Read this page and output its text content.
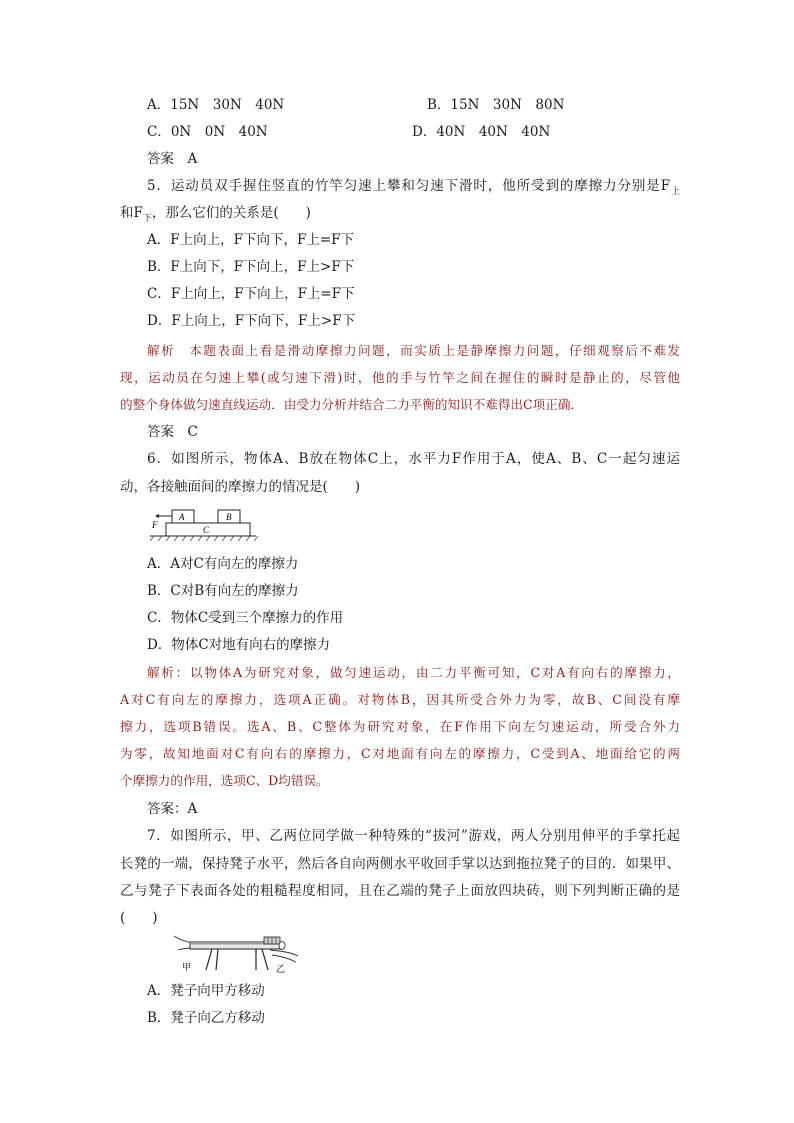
A．15N　30N　40N	B．15N　30N　80N
C．0N　0N　40N	D．40N　40N　40N
答案　A
5．运动员双手握住竖直的竹竿匀速上攀和匀速下滑时，他所受到的摩擦力分别是$F_上$
和$F_下$，那么它们的关系是(　　)
A．F上向上，F下向下，F上=F下
B．F上向下，F下向上，F上>F下
C．F上向上，F下向上，F上=F下
D．F上向上，F下向下，F上>F下
解析　本题表面上看是滑动摩擦力问题，而实质上是静摩擦力问题，仔细观察后不难发
现，运动员在匀速上攀(或匀速下滑)时，他的手与竹竿之间在握住的瞬时是静止的，尽管他
的整个身体做匀速直线运动．由受力分析并结合二力平衡的知识不难得出C项正确．
答案　C
6．如图所示，物体A、B放在物体C上，水平力F作用于A，使A、B、C一起匀速运
动，各接触面间的摩擦力的情况是(　　)
F
A	B
C
A．A对C有向左的摩擦力
B．C对B有向左的摩擦力
C．物体C受到三个摩擦力的作用
D．物体C对地有向右的摩擦力
解析：以物体A为研究对象，做匀速运动，由二力平衡可知，C对A有向右的摩擦力，
A对C有向左的摩擦力，选项A正确。对物体B，因其所受合外力为零，故B、C间没有摩
擦力，选项B错误。选A、B、C整体为研究对象，在F作用下向左匀速运动，所受合外力
为零，故知地面对C有向右的摩擦力，C对地面有向左的摩擦力，C受到A、地面给它的两
个摩擦力的作用，选项C、D均错误。
答案：A
7．如图所示，甲、乙两位同学做一种特殊的“拔河”游戏，两人分别用伸平的手掌托起
长凳的一端，保持凳子水平，然后各自向两侧水平收回手掌以达到拖拉凳子的目的．如果甲、
乙与凳子下表面各处的粗糙程度相同，且在乙端的凳子上面放四块砖，则下列判断正确的是
(　　)
甲	乙
A．凳子向甲方移动
B．凳子向乙方移动
